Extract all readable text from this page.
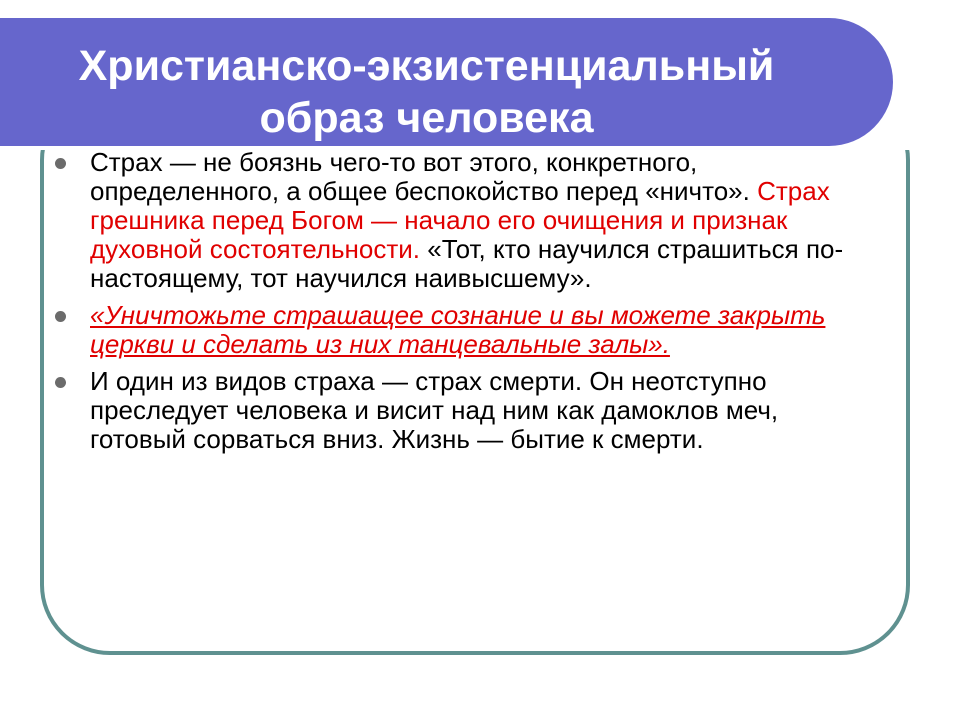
Христианско-экзистенциальный
образ человека
Страх — не боязнь чего-то вот этого, конкретного, определенного, а общее беспокойство перед «ничто». Страх грешника перед Богом — начало его очищения и признак духовной состоятельности. «Тот, кто научился страшиться по-настоящему, тот научился наивысшему».
«Уничтожьте страшащее сознание и вы можете закрыть церкви и сделать из них танцевальные залы».
И один из видов страха — страх смерти. Он неотступно преследует человека и висит над ним как дамоклов меч, готовый сорваться вниз. Жизнь — бытие к смерти.
